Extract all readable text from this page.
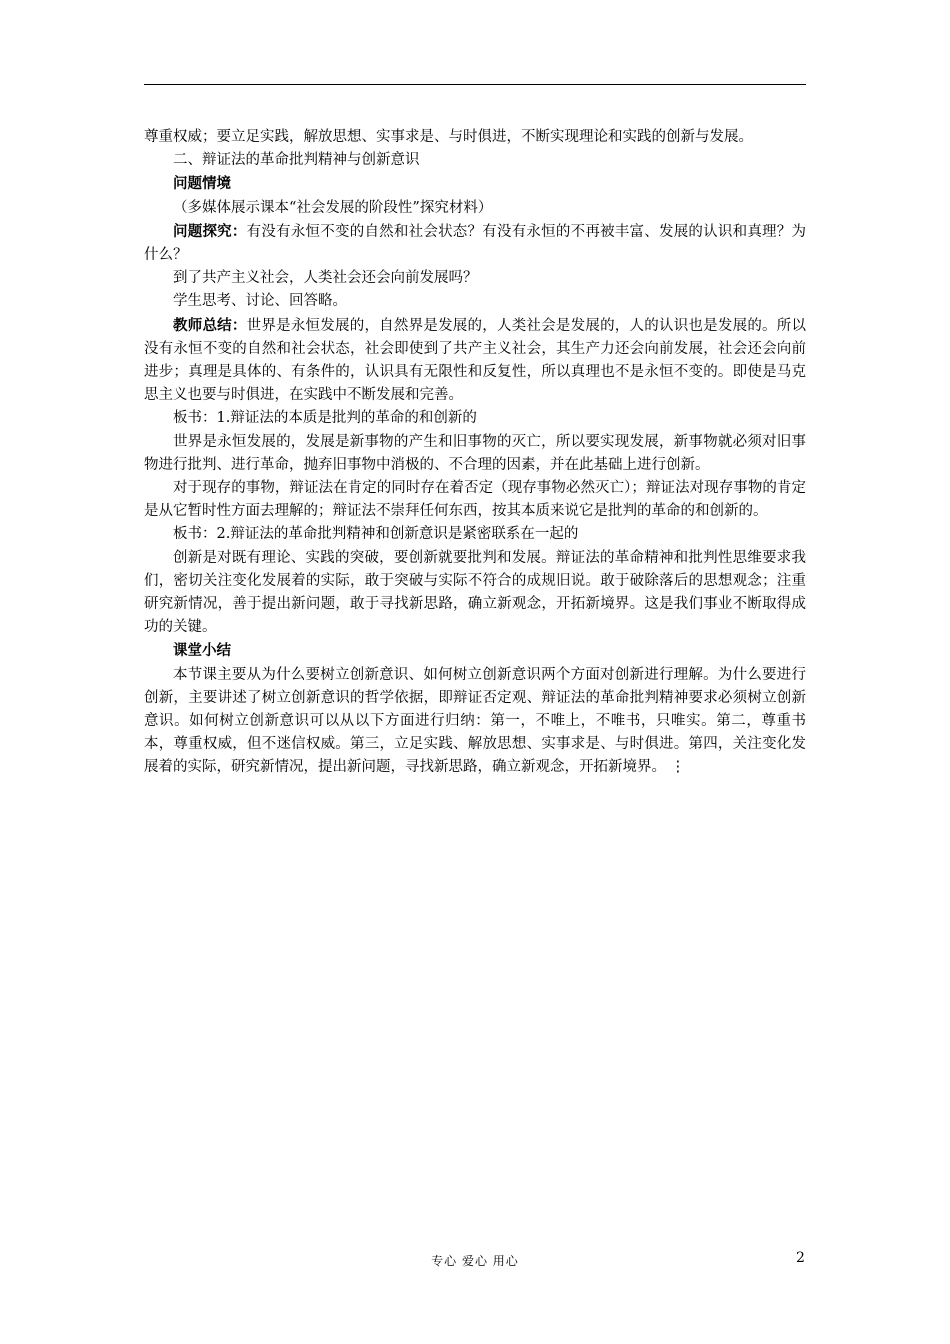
尊重权威；要立足实践，解放思想、实事求是、与时俱进，不断实现理论和实践的创新与发展。

二、辩证法的革命批判精神与创新意识

问题情境

（多媒体展示课本“社会发展的阶段性”探究材料）

问题探究：有没有永恒不变的自然和社会状态？有没有永恒的不再被丰富、发展的认识和真理？为什么？

到了共产主义社会，人类社会还会向前发展吗？

学生思考、讨论、回答略。

教师总结：世界是永恒发展的，自然界是发展的，人类社会是发展的，人的认识也是发展的。所以没有永恒不变的自然和社会状态，社会即使到了共产主义社会，其生产力还会向前发展，社会还会向前进步；真理是具体的、有条件的，认识具有无限性和反复性，所以真理也不是永恒不变的。即使是马克思主义也要与时俱进，在实践中不断发展和完善。

板书：1.辩证法的本质是批判的革命的和创新的

世界是永恒发展的，发展是新事物的产生和旧事物的灭亡，所以要实现发展，新事物就必须对旧事物进行批判、进行革命，抛弃旧事物中消极的、不合理的因素，并在此基础上进行创新。

对于现存的事物，辩证法在肯定的同时存在着否定（现存事物必然灭亡）；辩证法对现存事物的肯定是从它暂时性方面去理解的；辩证法不崇拜任何东西，按其本质来说它是批判的革命的和创新的。

板书：2.辩证法的革命批判精神和创新意识是紧密联系在一起的

创新是对既有理论、实践的突破，要创新就要批判和发展。辩证法的革命精神和批判性思维要求我们，密切关注变化发展着的实际，敢于突破与实际不符合的成规旧说。敢于破除落后的思想观念；注重研究新情况，善于提出新问题，敢于寻找新思路，确立新观念，开拓新境界。这是我们事业不断取得成功的关键。

课堂小结

本节课主要从为什么要树立创新意识、如何树立创新意识两个方面对创新进行理解。为什么要进行创新，主要讲述了树立创新意识的哲学依据，即辩证否定观、辩证法的革命批判精神要求必须树立创新意识。如何树立创新意识可以从以下方面进行归纳：第一，不唯上，不唯书，只唯实。第二，尊重书本，尊重权威，但不迷信权威。第三，立足实践、解放思想、实事求是、与时俱进。第四，关注变化发展着的实际，研究新情况，提出新问题，寻找新思路，确立新观念，开拓新境界。 ⋮

专心 爱心 用心	2
